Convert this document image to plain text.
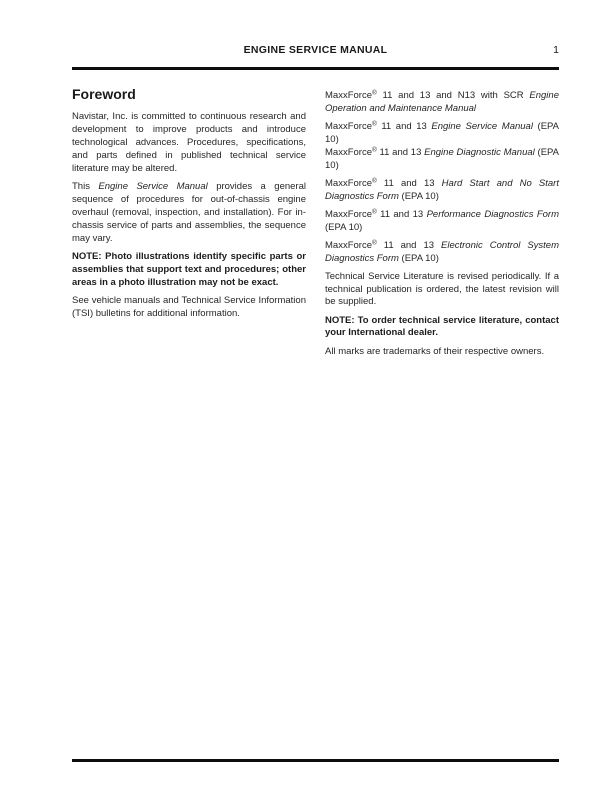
ENGINE SERVICE MANUAL	1
Foreword

Navistar, Inc. is committed to continuous research and development to improve products and introduce technological advances. Procedures, specifications, and parts defined in published technical service literature may be altered.

This Engine Service Manual provides a general sequence of procedures for out-of-chassis engine overhaul (removal, inspection, and installation). For in-chassis service of parts and assemblies, the sequence may vary.

NOTE: Photo illustrations identify specific parts or assemblies that support text and procedures; other areas in a photo illustration may not be exact.

See vehicle manuals and Technical Service Information (TSI) bulletins for additional information.

MaxxForce® 11 and 13 and N13 with SCR Engine Operation and Maintenance Manual

MaxxForce® 11 and 13 Engine Service Manual (EPA 10)

MaxxForce® 11 and 13 Engine Diagnostic Manual (EPA 10)

MaxxForce® 11 and 13 Hard Start and No Start Diagnostics Form (EPA 10)

MaxxForce® 11 and 13 Performance Diagnostics Form (EPA 10)

MaxxForce® 11 and 13 Electronic Control System Diagnostics Form (EPA 10)

Technical Service Literature is revised periodically. If a technical publication is ordered, the latest revision will be supplied.

NOTE: To order technical service literature, contact your International dealer.

All marks are trademarks of their respective owners.
